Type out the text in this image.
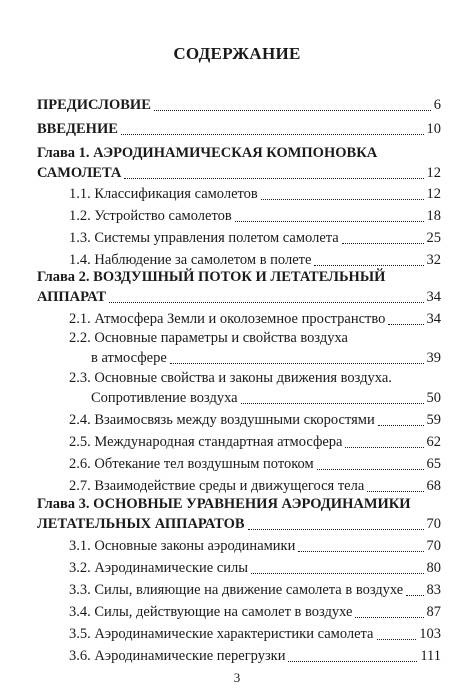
СОДЕРЖАНИЕ
ПРЕДИСЛОВИЕ	6
ВВЕДЕНИЕ	10
Глава 1. АЭРОДИНАМИЧЕСКАЯ КОМПОНОВКА
САМОЛЕТА	12
1.1. Классификация самолетов	12
1.2. Устройство самолетов	18
1.3. Системы управления полетом самолета	25
1.4. Наблюдение за самолетом в полете	32
Глава 2. ВОЗДУШНЫЙ ПОТОК И ЛЕТАТЕЛЬНЫЙ
АППАРАТ	34
2.1. Атмосфера Земли и околоземное пространство	34
2.2. Основные параметры и свойства воздуха
в атмосфере	39
2.3. Основные свойства и законы движения воздуха.
Сопротивление воздуха	50
2.4. Взаимосвязь между воздушными скоростями	59
2.5. Международная стандартная атмосфера	62
2.6. Обтекание тел воздушным потоком	65
2.7. Взаимодействие среды и движущегося тела	68
Глава 3. ОСНОВНЫЕ УРАВНЕНИЯ АЭРОДИНАМИКИ
ЛЕТАТЕЛЬНЫХ АППАРАТОВ	70
3.1. Основные законы аэродинамики	70
3.2. Аэродинамические силы	80
3.3. Силы, влияющие на движение самолета в воздухе 83
3.4. Силы, действующие на самолет в воздухе	87
3.5. Аэродинамические характеристики самолета	103
3.6. Аэродинамические перегрузки	111
3
